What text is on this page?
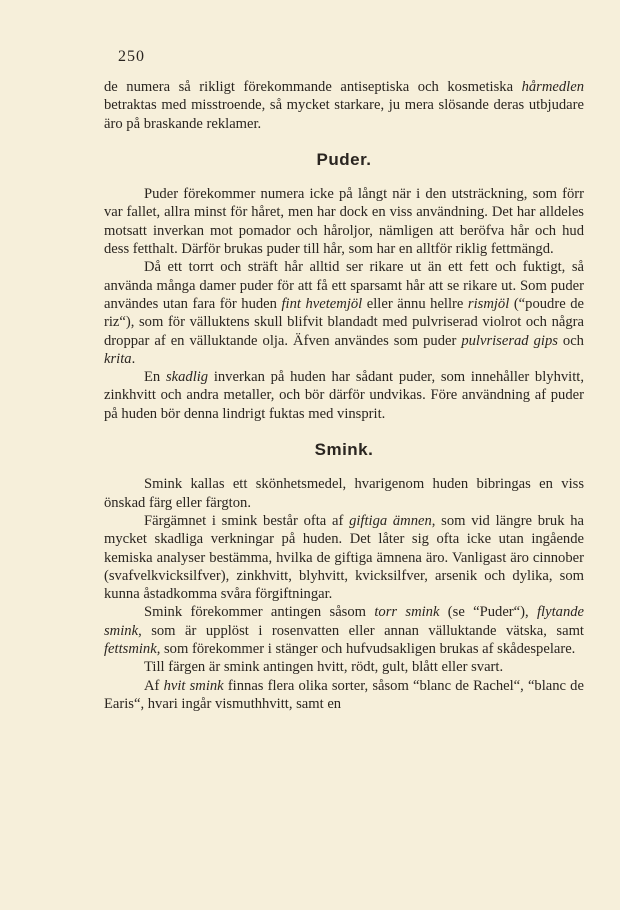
250

de numera så rikligt förekommande antiseptiska och kosmetiska hårmedlen betraktas med misstroende, så mycket starkare, ju mera slösande deras utbjudare äro på braskande reklamer.

Puder.

Puder förekommer numera icke på långt när i den utsträckning, som förr var fallet, allra minst för håret, men har dock en viss användning. Det har alldeles motsatt inverkan mot pomador och håroljor, nämligen att beröfva hår och hud dess fetthalt. Därför brukas puder till hår, som har en alltför riklig fettmängd.

Då ett torrt och sträft hår alltid ser rikare ut än ett fett och fuktigt, så använda många damer puder för att få ett sparsamt hår att se rikare ut. Som puder användes utan fara för huden fint hvetemjöl eller ännu hellre rismjöl (“poudre de riz“), som för välluktens skull blifvit blandadt med pulvriserad violrot och några droppar af en välluktande olja. Äfven användes som puder pulvriserad gips och krita.

En skadlig inverkan på huden har sådant puder, som innehåller blyhvitt, zinkhvitt och andra metaller, och bör därför undvikas. Före användning af puder på huden bör denna lindrigt fuktas med vinsprit.

Smink.

Smink kallas ett skönhetsmedel, hvarigenom huden bibringas en viss önskad färg eller färgton.

Färgämnet i smink består ofta af giftiga ämnen, som vid längre bruk ha mycket skadliga verkningar på huden. Det låter sig ofta icke utan ingående kemiska analyser bestämma, hvilka de giftiga ämnena äro. Vanligast äro cinnober (svafvelkvicksilfver), zinkhvitt, blyhvitt, kvicksilfver, arsenik och dylika, som kunna åstadkomma svåra förgiftningar.

Smink förekommer antingen såsom torr smink (se “Puder“), flytande smink, som är upplöst i rosenvatten eller annan välluktande vätska, samt fettsmink, som förekommer i stänger och hufvudsakligen brukas af skådespelare.

Till färgen är smink antingen hvitt, rödt, gult, blått eller svart.

Af hvit smink finnas flera olika sorter, såsom “blanc de Rachel“, “blanc de Earis“, hvari ingår vismuthhvitt, samt en
